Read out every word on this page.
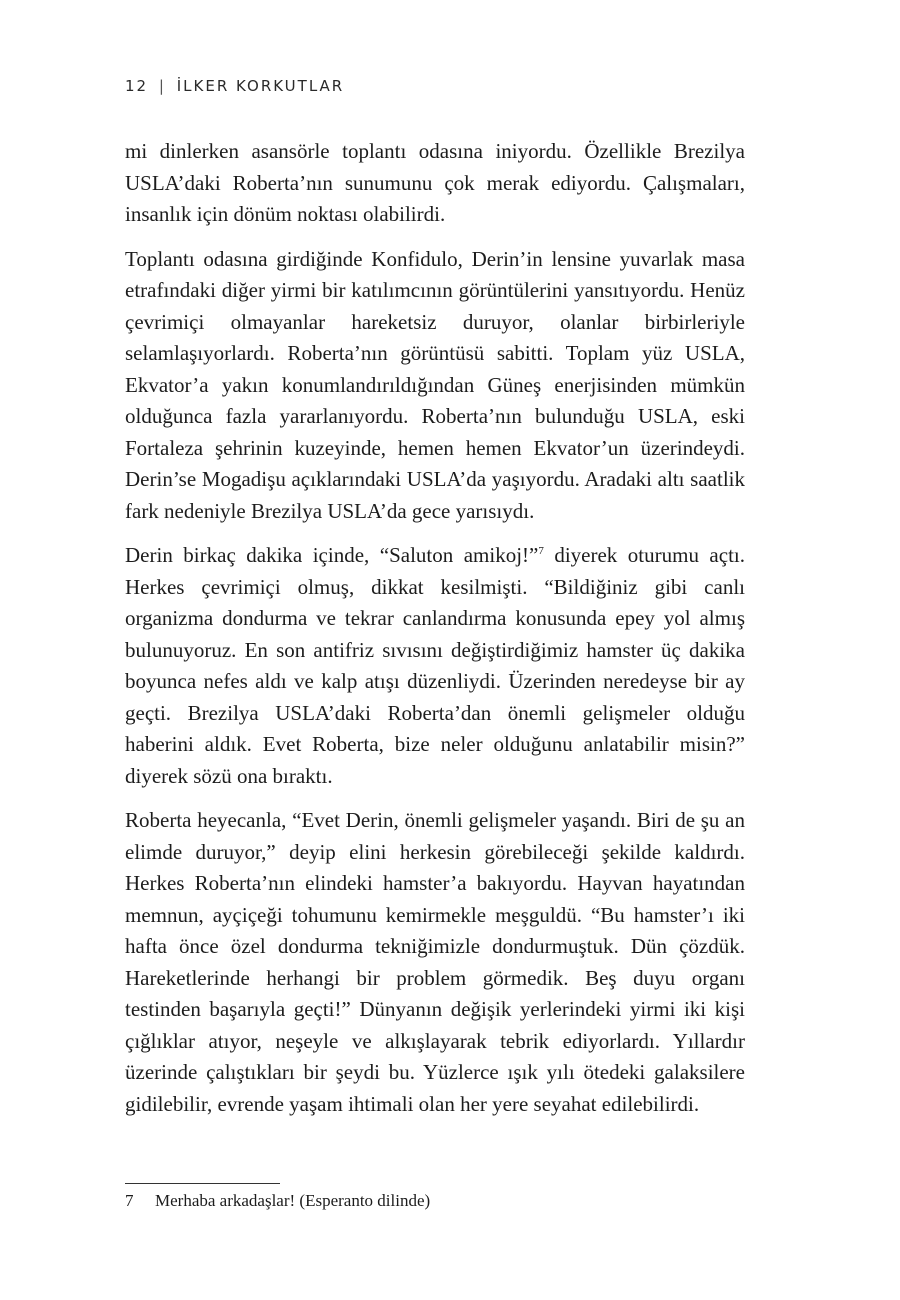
12 | İLKER KORKUTLAR

mi dinlerken asansörle toplantı odasına iniyordu. Özellikle Brezilya USLA’daki Roberta’nın sunumunu çok merak ediyordu. Çalışmaları, insanlık için dönüm noktası olabilirdi.

Toplantı odasına girdiğinde Konfidulo, Derin’in lensine yuvarlak masa etrafındaki diğer yirmi bir katılımcının görüntülerini yansıtıyordu. Henüz çevrimiçi olmayanlar hareketsiz duruyor, olanlar birbirleriyle selamlaşıyorlardı. Roberta’nın görüntüsü sabitti. Toplam yüz USLA, Ekvator’a yakın konumlandırıldığından Güneş enerjisinden mümkün olduğunca fazla yararlanıyordu. Roberta’nın bulunduğu USLA, eski Fortaleza şehrinin kuzeyinde, hemen hemen Ekvator’un üzerindeydi. Derin’se Mogadişu açıklarındaki USLA’da yaşıyordu. Aradaki altı saatlik fark nedeniyle Brezilya USLA’da gece yarısıydı.

Derin birkaç dakika içinde, “Saluton amikoj!”$^7$ diyerek oturumu açtı. Herkes çevrimiçi olmuş, dikkat kesilmişti. “Bildiğiniz gibi canlı organizma dondurma ve tekrar canlandırma konusunda epey yol almış bulunuyoruz. En son antifriz sıvısını değiştirdiğimiz hamster üç dakika boyunca nefes aldı ve kalp atışı düzenliydi. Üzerinden neredeyse bir ay geçti. Brezilya USLA’daki Roberta’dan önemli gelişmeler olduğu haberini aldık. Evet Roberta, bize neler olduğunu anlatabilir misin?” diyerek sözü ona bıraktı.

Roberta heyecanla, “Evet Derin, önemli gelişmeler yaşandı. Biri de şu an elimde duruyor,” deyip elini herkesin görebileceği şekilde kaldırdı. Herkes Roberta’nın elindeki hamster’a bakıyordu. Hayvan hayatından memnun, ayçiçeği tohumunu kemirmekle meşguldü. “Bu hamster’ı iki hafta önce özel dondurma tekniğimizle dondurmuştuk. Dün çözdük. Hareketlerinde herhangi bir problem görmedik. Beş duyu organı testinden başarıyla geçti!” Dünyanın değişik yerlerindeki yirmi iki kişi çığlıklar atıyor, neşeyle ve alkışlayarak tebrik ediyorlardı. Yıllardır üzerinde çalıştıkları bir şeydi bu. Yüzlerce ışık yılı ötedeki galaksilere gidilebilir, evrende yaşam ihtimali olan her yere seyahat edilebilirdi.

7 Merhaba arkadaşlar! (Esperanto dilinde)
